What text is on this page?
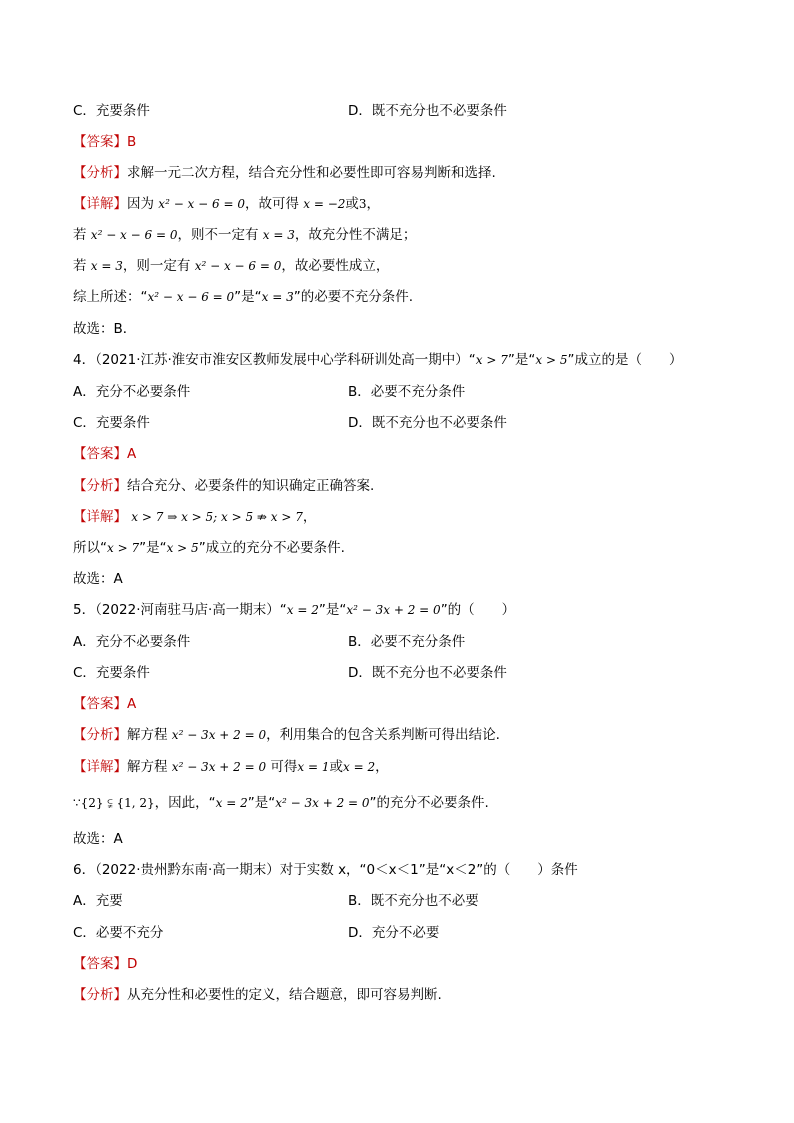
C．充要条件	D．既不充分也不必要条件
【答案】B
【分析】求解一元二次方程，结合充分性和必要性即可容易判断和选择.
【详解】因为 x² − x − 6 = 0，故可得 x = −2或3，
若 x² − x − 6 = 0，则不一定有 x = 3，故充分性不满足；
若 x = 3，则一定有 x² − x − 6 = 0，故必要性成立，
综上所述：“x² − x − 6 = 0”是“x = 3”的必要不充分条件.
故选：B．
4．（2021·江苏·淮安市淮安区教师发展中心学科研训处高一期中）“x > 7”是“x > 5”成立的是（　　）
A．充分不必要条件	B．必要不充分条件
C．充要条件	D．既不充分也不必要条件
【答案】A
【分析】结合充分、必要条件的知识确定正确答案.
【详解】 x > 7 ⇒ x > 5; x > 5 ⇏ x > 7，
所以“x > 7”是“x > 5”成立的充分不必要条件.
故选：A
5．（2022·河南驻马店·高一期末）“x = 2”是“x² − 3x + 2 = 0”的（　　）
A．充分不必要条件	B．必要不充分条件
C．充要条件	D．既不充分也不必要条件
【答案】A
【分析】解方程 x² − 3x + 2 = 0，利用集合的包含关系判断可得出结论.
【详解】解方程 x² − 3x + 2 = 0 可得x = 1或x = 2，
∵{2} ⫋ {1, 2}，因此，“x = 2”是“x² − 3x + 2 = 0”的充分不必要条件.
故选：A
6．（2022·贵州黔东南·高一期末）对于实数 x，“0＜x＜1”是“x＜2”的（　　）条件
A．充要	B．既不充分也不必要
C．必要不充分	D．充分不必要
【答案】D
【分析】从充分性和必要性的定义，结合题意，即可容易判断.
